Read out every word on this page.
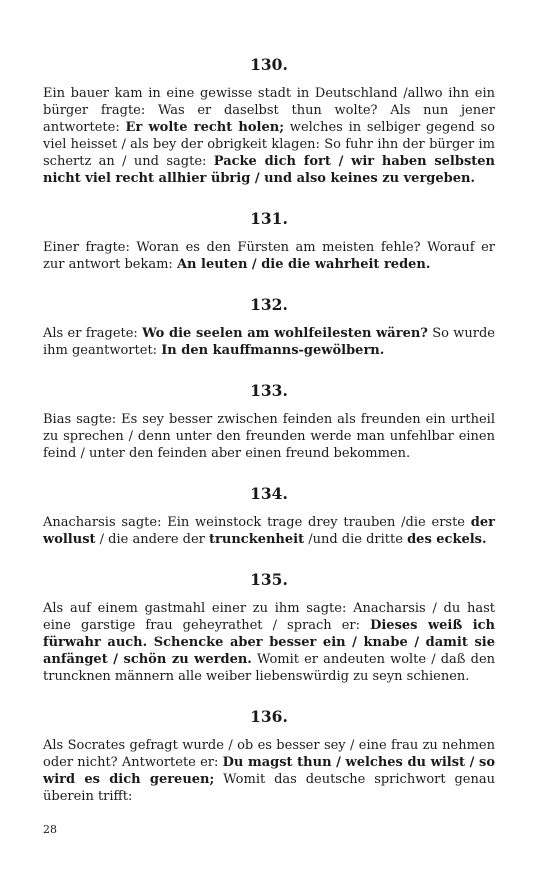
130.

Ein bauer kam in eine gewisse stadt in Deutschland /allwo ihn ein bürger fragte: Was er daselbst thun wolte? Als nun jener antwortete: Er wolte recht holen; welches in selbiger gegend so viel heisset / als bey der obrigkeit klagen: So fuhr ihn der bürger im schertz an / und sagte: Packe dich fort / wir haben selbsten nicht viel recht allhier übrig / und also keines zu vergeben.

131.

Einer fragte: Woran es den Fürsten am meisten fehle? Worauf er zur antwort bekam: An leuten / die die wahrheit reden.

132.

Als er fragete: Wo die seelen am wohlfeilesten wären? So wurde ihm geantwortet: In den kauffmanns-gewölbern.

133.

Bias sagte: Es sey besser zwischen feinden als freunden ein urtheil zu sprechen / denn unter den freunden werde man unfehlbar einen feind / unter den feinden aber einen freund bekommen.

134.

Anacharsis sagte: Ein weinstock trage drey trauben /die erste der wollust / die andere der trunckenheit /und die dritte des eckels.

135.

Als auf einem gastmahl einer zu ihm sagte: Anacharsis / du hast eine garstige frau geheyrathet / sprach er: Dieses weiß ich fürwahr auch. Schencke aber besser ein / knabe / damit sie anfänget / schön zu werden. Womit er andeuten wolte / daß den truncknen männern alle weiber liebenswürdig zu seyn schienen.

136.

Als Socrates gefragt wurde / ob es besser sey / eine frau zu nehmen oder nicht? Antwortete er: Du magst thun / welches du wilst / so wird es dich gereuen; Womit das deutsche sprichwort genau überein trifft:

28
